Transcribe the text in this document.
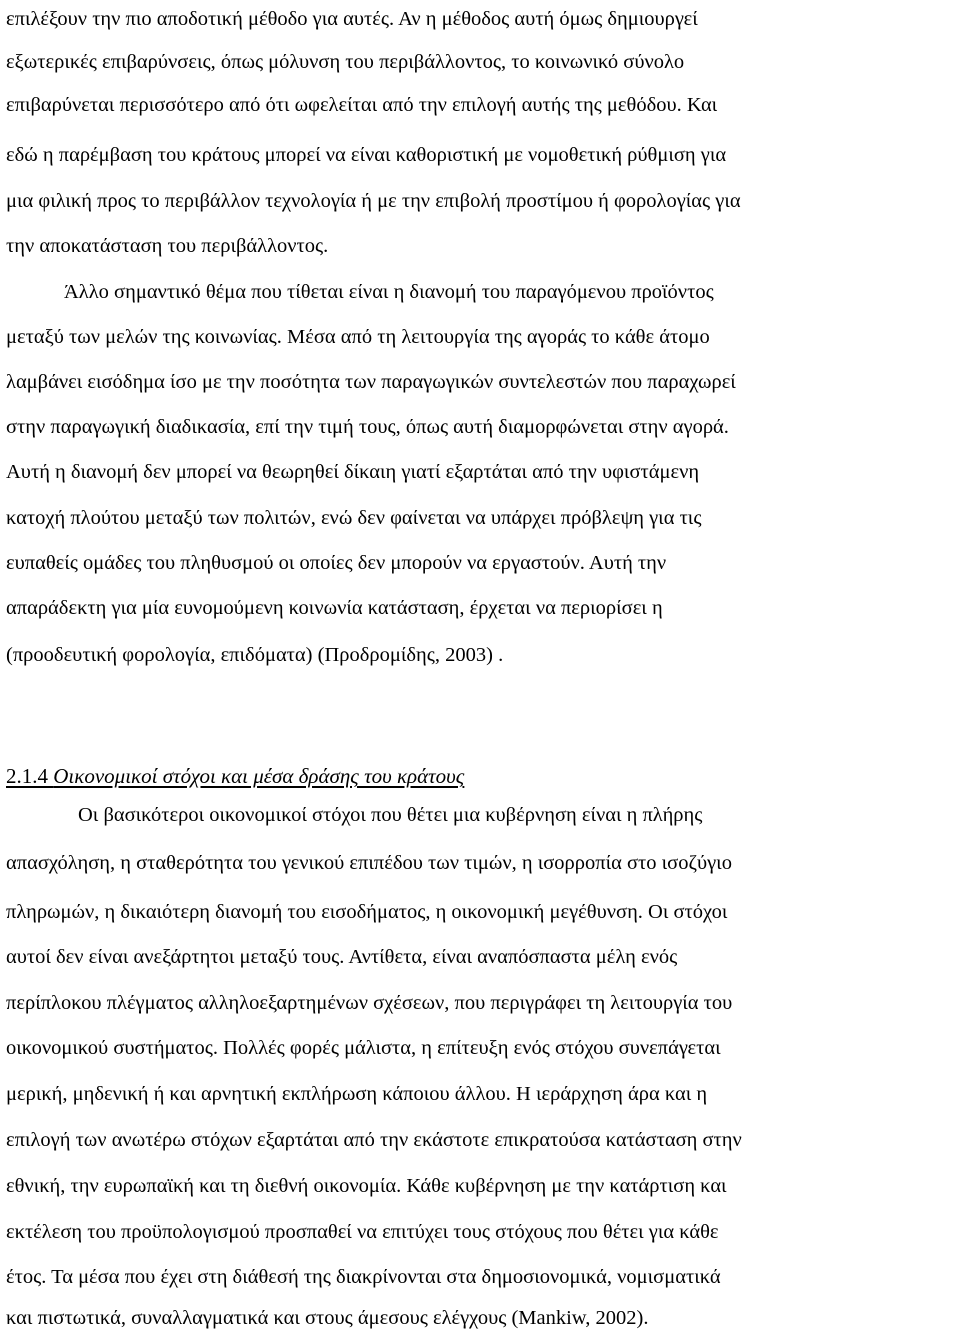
επιλέξουν την πιο αποδοτική μέθοδο για αυτές. Αν η μέθοδος αυτή όμως δημιουργεί
εξωτερικές επιβαρύνσεις, όπως μόλυνση του περιβάλλοντος, το κοινωνικό σύνολο
επιβαρύνεται περισσότερο από ότι ωφελείται από την επιλογή αυτής της μεθόδου. Και
εδώ η παρέμβαση του κράτους μπορεί να είναι καθοριστική με νομοθετική ρύθμιση για
μια φιλική προς το περιβάλλον τεχνολογία ή με την επιβολή προστίμου ή φορολογίας για
την αποκατάσταση του περιβάλλοντος.
Άλλο σημαντικό θέμα που τίθεται είναι η διανομή του παραγόμενου προϊόντος
μεταξύ των μελών της κοινωνίας. Μέσα από τη λειτουργία της αγοράς το κάθε άτομο
λαμβάνει εισόδημα ίσο με την ποσότητα των παραγωγικών συντελεστών που παραχωρεί
στην παραγωγική διαδικασία, επί την τιμή τους, όπως αυτή διαμορφώνεται στην αγορά.
Αυτή η διανομή δεν μπορεί να θεωρηθεί δίκαιη γιατί εξαρτάται από την υφιστάμενη
κατοχή πλούτου μεταξύ των πολιτών, ενώ δεν φαίνεται να υπάρχει πρόβλεψη για τις
ευπαθείς ομάδες του πληθυσμού οι οποίες δεν μπορούν να εργαστούν. Αυτή την
απαράδεκτη για μία ευνομούμενη κοινωνία κατάσταση, έρχεται να περιορίσει η
(προοδευτική φορολογία, επιδόματα) (Προδρομίδης, 2003) .
2.1.4 Οικονομικοί στόχοι και μέσα δράσης του κράτους
Οι βασικότεροι οικονομικοί στόχοι που θέτει μια κυβέρνηση είναι η πλήρης
απασχόληση, η σταθερότητα του γενικού επιπέδου των τιμών, η ισορροπία στο ισοζύγιο
πληρωμών, η δικαιότερη διανομή του εισοδήματος, η οικονομική μεγέθυνση. Οι στόχοι
αυτοί δεν είναι ανεξάρτητοι μεταξύ τους. Αντίθετα, είναι αναπόσπαστα μέλη ενός
περίπλοκου πλέγματος αλληλοεξαρτημένων σχέσεων, που περιγράφει τη λειτουργία του
οικονομικού συστήματος. Πολλές φορές μάλιστα, η επίτευξη ενός στόχου συνεπάγεται
μερική, μηδενική ή και αρνητική εκπλήρωση κάποιου άλλου. Η ιεράρχηση άρα και η
επιλογή των ανωτέρω στόχων εξαρτάται από την εκάστοτε επικρατούσα κατάσταση στην
εθνική, την ευρωπαϊκή και τη διεθνή οικονομία. Κάθε κυβέρνηση με την κατάρτιση και
εκτέλεση του προϋπολογισμού προσπαθεί να επιτύχει τους στόχους που θέτει για κάθε
έτος. Τα μέσα που έχει στη διάθεσή της διακρίνονται στα δημοσιονομικά, νομισματικά
και πιστωτικά, συναλλαγματικά και στους άμεσους ελέγχους (Mankiw, 2002).
